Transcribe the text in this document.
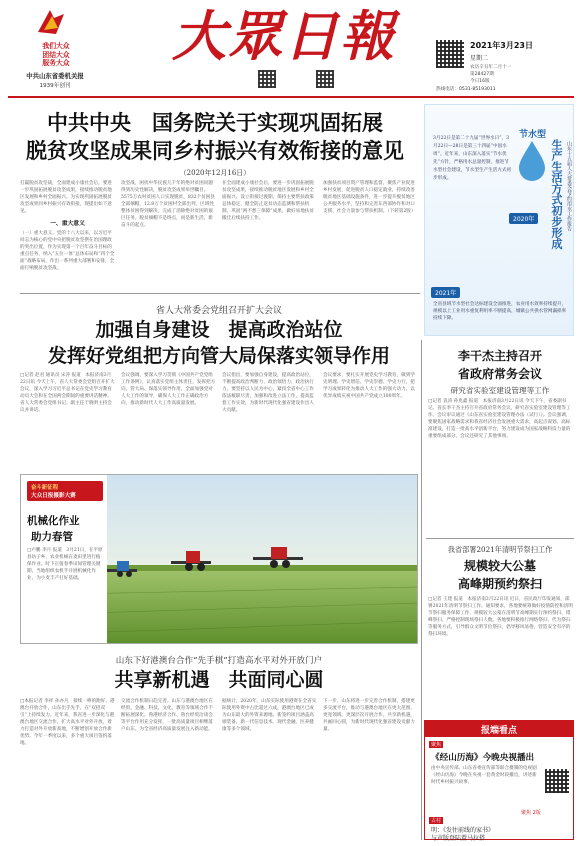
我们大众
团结大众
服务大众
中共山东省委机关报
1939年创刊
大眾日報	2021年3月23日
星期二
农历辛丑年二月十一
第28427期
今日16版
热线电话：0531-85193011
中共中央　国务院关于实现巩固拓展
脱贫攻坚成果同乡村振兴有效衔接的意见
（2020年12月16日）

打赢脱贫攻坚战，全面建成小康社会后，要进一步巩固拓展脱贫攻坚成果，接续推动脱贫地区发展和乡村全面振兴。为实现巩固拓展脱贫攻坚成果同乡村振兴有效衔接，现提出如下意见。

一、重大意义

（一）重大意义。党的十八大以来，以习近平同志为核心的党中央把脱贫攻坚摆在治国理政的突出位置，作为实现第一个百年奋斗目标的重点任务，纳入“五位一体”总体布局和“四个全面”战略布局，作出一系列重大部署和安排，全面打响脱贫攻坚战。

攻坚战，困扰中华民族几千年的绝对贫困问题得到历史性解决，脱贫攻坚成果举世瞩目。5575万农村贫困人口实现脱贫，832个贫困县全部摘帽，12.8万个贫困村全部出列，区域性整体贫困得到解决，完成了消除绝对贫困的艰巨任务。脱贫摘帽不是终点，而是新生活、新奋斗的起点。

在全面建成小康社会后，要进一步巩固拓展脱贫攻坚成果，接续推动脱贫地区发展和乡村全面振兴。设立衔接过渡期，保持主要帮扶政策总体稳定，健全防止返贫动态监测和帮扶机制，巩固“两不愁三保障”成果，做好易地扶贫搬迁后续扶持工作。

加强扶贫项目资产管理和监督，聚焦产业促进乡村发展，促进脱贫人口稳定就业，持续改善脱贫地区基础设施条件，进一步提升脱贫地区公共服务水平，坚持和完善东西部协作和对口支援、社会力量参与帮扶机制。（下转第2版）

节水型
生产生活方式初步形成 山东十五届人大常委会节约用水工作报告
2020年
2021年

3月22日是第二十九届“世界水日”，3月22日—28日是第三十四届“中国水周”。近年来，山东深入落实“节水优先”方针，严格用水总量控制，推进节水型社会建设，节水型生产生活方式初步形成。

全省县域节水型社会达标建设全面推进，农业用水效率持续提升，规模以上工业用水重复利用率不断提高，城镇公共供水管网漏损率持续下降。

省人大常委会党组召开扩大会议
加强自身建设　提高政治站位
发挥好党组把方向管大局保落实领导作用

□记者 赵君 通讯员 宋涛 报道　本报济南3月22日讯 今天上午，省人大常委会党组召开扩大会议，深入学习习近平总书记在党史学习教育动员大会和在全国两会期间的重要讲话精神。省人大常委会党组书记、副主任于晓明主持会议并讲话。

会议强调，要深入学习贯彻《中国共产党党组工作条例》，认真落实党组主体责任，发挥把方向、管大局、保落实领导作用，全面加强党对人大工作的领导，确保人大工作正确政治方向，推动新时代人大工作高质量发展。

会议指出，要加强自身建设，提高政治站位，不断提高政治判断力、政治领悟力、政治执行力。要坚持以人民为中心，紧扣全省中心工作依法履职尽责，加强和改进立法工作，提高监督工作实效，为新时代现代化强省建设作出人大贡献。

会议要求，要扎实开展党史学习教育，做到学史明理、学史增信、学史崇德、学史力行，把学习成果转化为推动人大工作的强大动力，以优异成绩庆祝中国共产党成立100周年。

奋斗新征程
大众日报摄影大赛
机械化作业
助力春管

□卢鹏 李月 报道　3月21日，在平原县坊子乡，农业机械在麦田里进行植保作业。时下正值春季田间管理关键期，当地组织农机手开展机械化作业，为小麦丰产打好基础。

山东下好港澳台合作“先手棋”打造高水平对外开放门户
共享新机遇　共面同心圆

□本报记者 李祥 孙亦凡　接续一棒的跑好、港澳台开放合作，山东出手先手，在“双招双引”上持续发力。近年来，我省进一步深化与港澳台地区交流合作，扩大高水平对外开放，着力打造对外开放新高地，不断增创开放合作新优势。今年一季度以来，多个重大项目签约落地。

交流合作机制日趋完善。山东与港澳台地区在经贸、金融、科技、文化、教育等领域合作不断拓展深化。鲁港经济合作、鲁台经贸洽谈会等平台作用充分发挥，一批高质量项目相继落户山东，为全省经济高质量发展注入新动能。

据统计，2020年，山东实际使用港资在全省实际使用外资中占比超过六成，港澳台地区已成为山东最大的外资来源地。新签约项目涵盖高端装备、新一代信息技术、现代金融、医养健康等多个领域。

下一步，山东将进一步完善合作机制，搭建更多交流平台，推动与港澳台地区在更大范围、更宽领域、更深层次开展合作，共享新机遇，共画同心圆，为新时代现代化强省建设贡献力量。

李干杰主持召开
省政府常务会议
研究省实验室建设管理等工作

□记者 袁涛 孙兆鑫 报道　本报济南3月22日讯 今天下午，省委副书记、省长李干杰主持召开省政府常务会议，研究省实验室建设管理等工作。会议审议通过《山东省实验室建设管理办法（试行）》。会议强调，要聚焦国家战略需求和我省经济社会发展重大需求，高起点谋划、高标准建设，打造一批高水平创新平台，努力建设成为国家战略科技力量的重要组成部分。会议还研究了其他事项。

我省部署2021年清明节祭扫工作
规模较大公墓
高峰期预约祭扫

□记者 王建 报道　本报济南3月22日讯 近日，省民政厅印发通知，部署2021年清明节祭扫工作。通知要求，各地要统筹做好疫情防控和清明节祭扫服务保障工作，规模较大公墓在清明节高峰期实行预约祭扫、错峰祭扫，严格控制现场祭扫人数。各地要积极推行网络祭扫、代为祭扫等服务方式，引导群众文明节俭祭扫，倡导移风易俗，营造安全有序的祭扫环境。

报端看点
聚焦
《经山历海》今晚央视播出

由中央宣传部、山东省委宣传部等联合摄制的电视剧《经山历海》今晚在央视一套黄金时段播出，讲述新时代乡村振兴故事。

聚焦 2版
古村
明：《发往前线的家书》
与声版登陆置马拉搭
